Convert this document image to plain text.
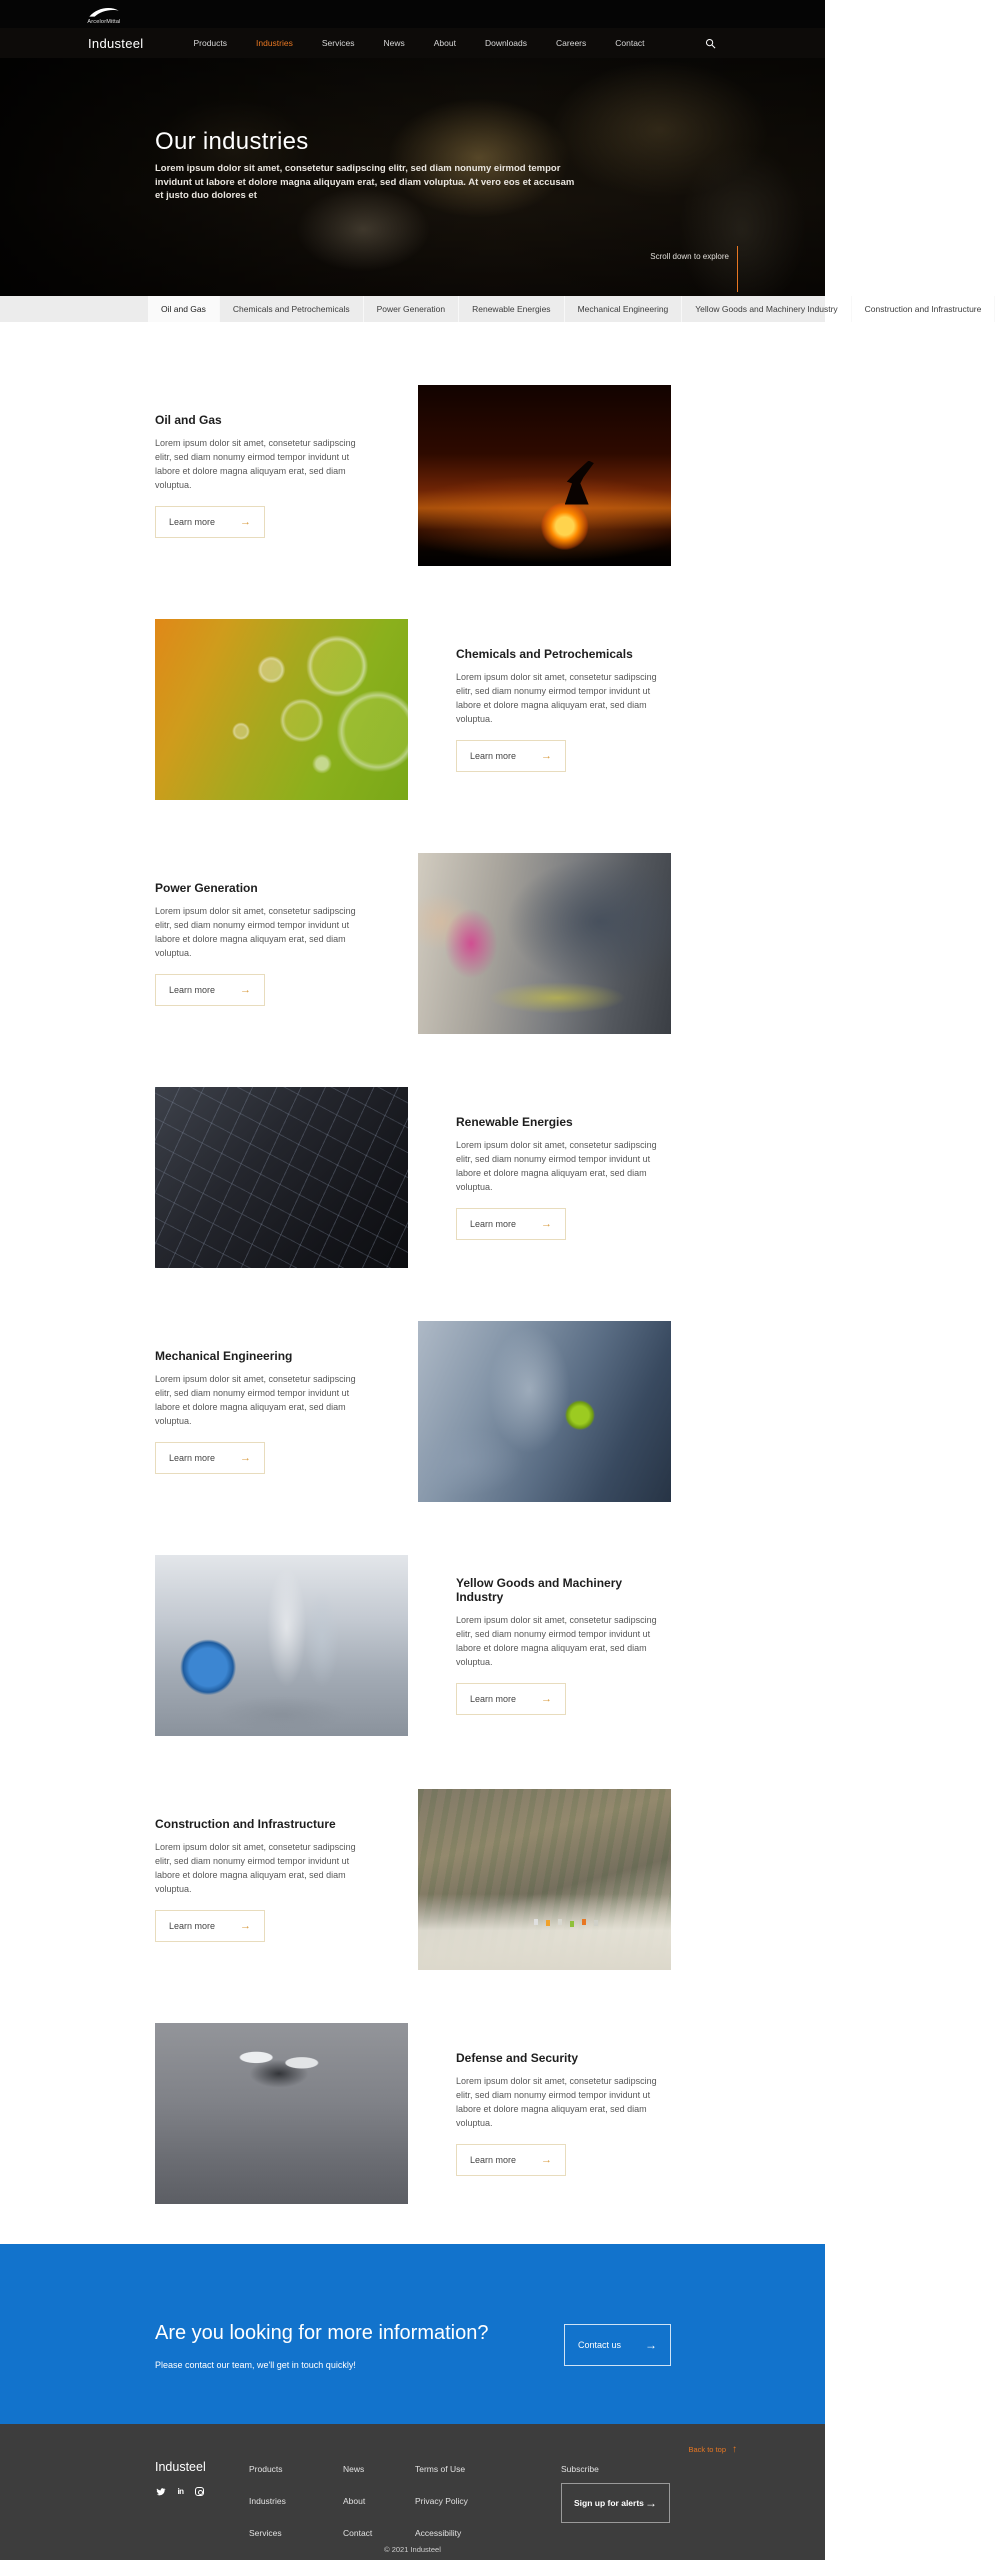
ArcelorMittal
Industeel	Products	Industries	Services	News	About	Downloads	Careers	Contact
Our industries

Lorem ipsum dolor sit amet, consetetur sadipscing elitr, sed diam nonumy eirmod tempor invidunt ut labore et dolore magna aliquyam erat, sed diam voluptua. At vero eos et accusam et justo duo dolores et

Scroll down to explore
Oil and Gas	Chemicals and Petrochemicals	Power Generation	Renewable Energies	Mechanical Engineering	Yellow Goods and Machinery Industry	Construction and Infrastructure
Oil and Gas

Lorem ipsum dolor sit amet, consetetur sadipscing elitr, sed diam nonumy eirmod tempor invidunt ut labore et dolore magna aliquyam erat, sed diam voluptua.

Learn more →
Chemicals and Petrochemicals

Lorem ipsum dolor sit amet, consetetur sadipscing elitr, sed diam nonumy eirmod tempor invidunt ut labore et dolore magna aliquyam erat, sed diam voluptua.

Learn more →
Power Generation

Lorem ipsum dolor sit amet, consetetur sadipscing elitr, sed diam nonumy eirmod tempor invidunt ut labore et dolore magna aliquyam erat, sed diam voluptua.

Learn more →
Renewable Energies

Lorem ipsum dolor sit amet, consetetur sadipscing elitr, sed diam nonumy eirmod tempor invidunt ut labore et dolore magna aliquyam erat, sed diam voluptua.

Learn more →
Mechanical Engineering

Lorem ipsum dolor sit amet, consetetur sadipscing elitr, sed diam nonumy eirmod tempor invidunt ut labore et dolore magna aliquyam erat, sed diam voluptua.

Learn more →
Yellow Goods and Machinery Industry

Lorem ipsum dolor sit amet, consetetur sadipscing elitr, sed diam nonumy eirmod tempor invidunt ut labore et dolore magna aliquyam erat, sed diam voluptua.

Learn more →
Construction and Infrastructure

Lorem ipsum dolor sit amet, consetetur sadipscing elitr, sed diam nonumy eirmod tempor invidunt ut labore et dolore magna aliquyam erat, sed diam voluptua.

Learn more →
Defense and Security

Lorem ipsum dolor sit amet, consetetur sadipscing elitr, sed diam nonumy eirmod tempor invidunt ut labore et dolore magna aliquyam erat, sed diam voluptua.

Learn more →
Are you looking for more information?

Please contact our team, we'll get in touch quickly!

Contact us →
Back to top ↑
Industeel
in
Products
Industries
Services
News
About
Contact
Terms of Use
Privacy Policy
Accessibility
Subscribe
Sign up for alerts →
© 2021 Industeel
